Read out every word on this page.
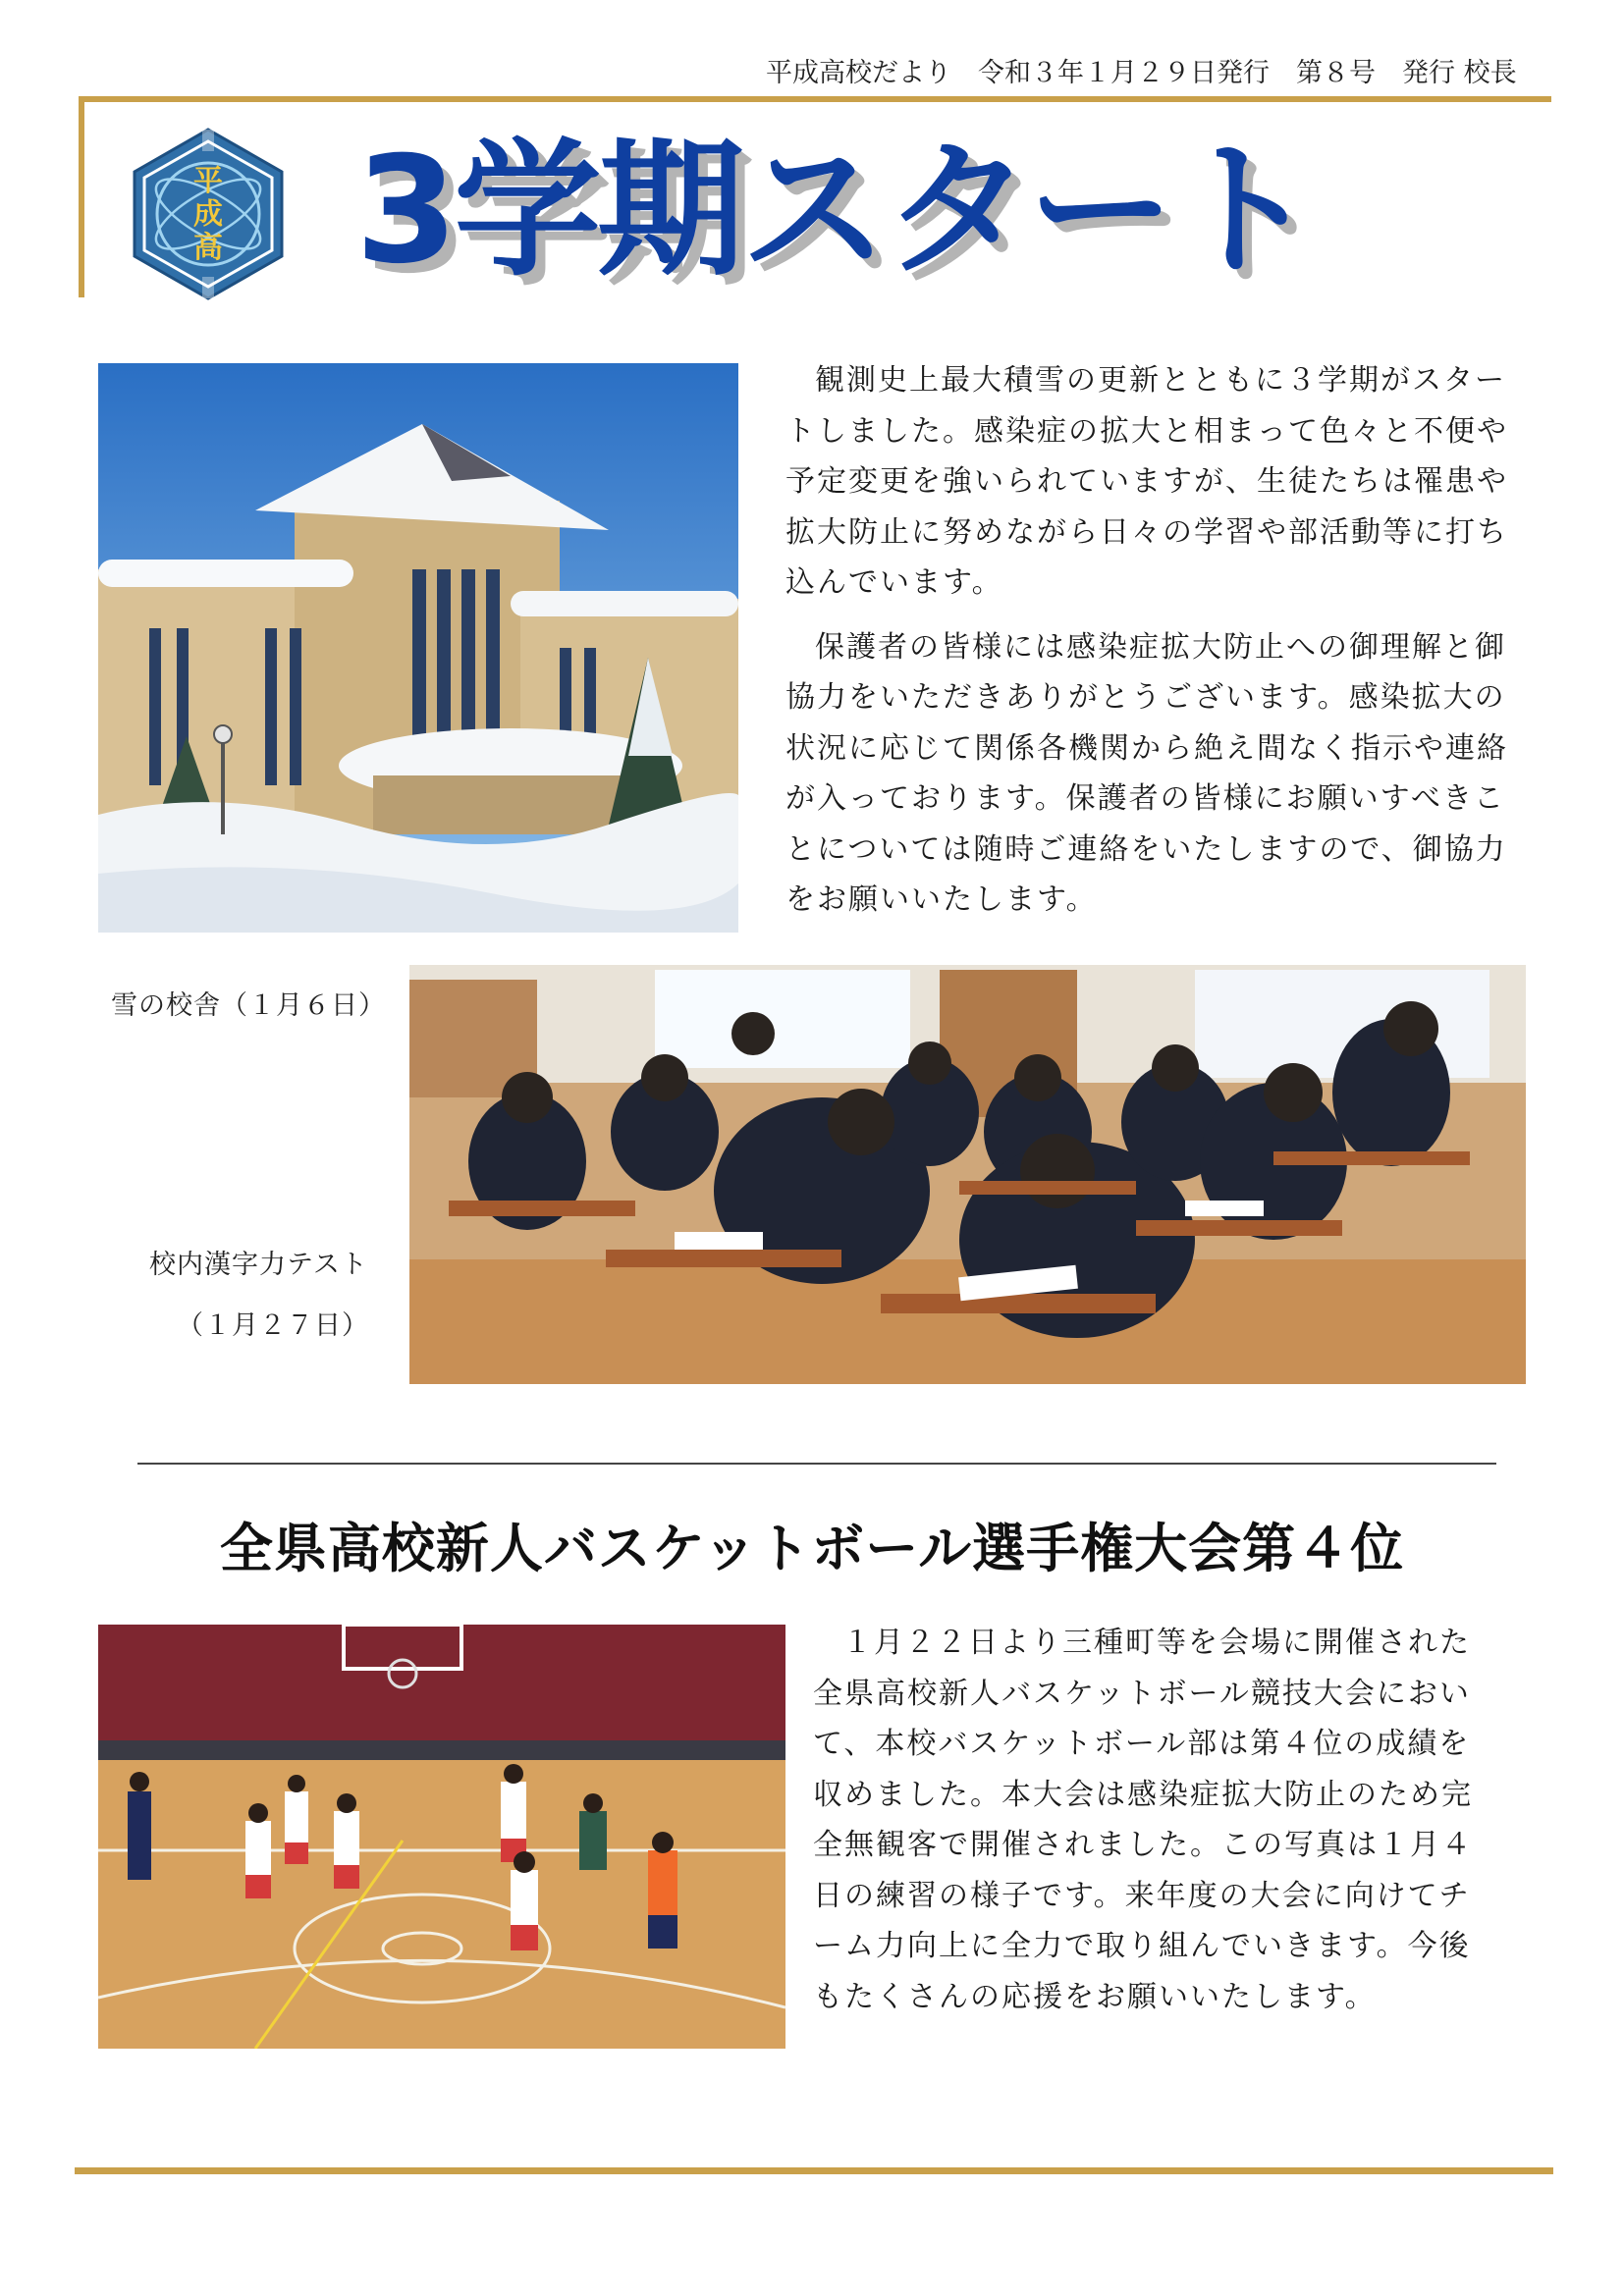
平成高校だより　令和３年１月２９日発行　第８号　発行 校長
平
成
高 3学期スタート

観測史上最大積雪の更新とともに３学期がスタートしました。感染症の拡大と相まって色々と不便や予定変更を強いられていますが、生徒たちは罹患や拡大防止に努めながら日々の学習や部活動等に打ち込んでいます。

保護者の皆様には感染症拡大防止への御理解と御協力をいただきありがとうございます。感染拡大の状況に応じて関係各機関から絶え間なく指示や連絡が入っております。保護者の皆様にお願いすべきことについては随時ご連絡をいたしますので、御協力をお願いいたします。

雪の校舎（１月６日）
校内漢字力テスト
（１月２７日）
全県高校新人バスケットボール選手権大会第４位

１月２２日より三種町等を会場に開催された全県高校新人バスケットボール競技大会において、本校バスケットボール部は第４位の成績を収めました。本大会は感染症拡大防止のため完全無観客で開催されました。この写真は１月４日の練習の様子です。来年度の大会に向けてチーム力向上に全力で取り組んでいきます。今後もたくさんの応援をお願いいたします。
